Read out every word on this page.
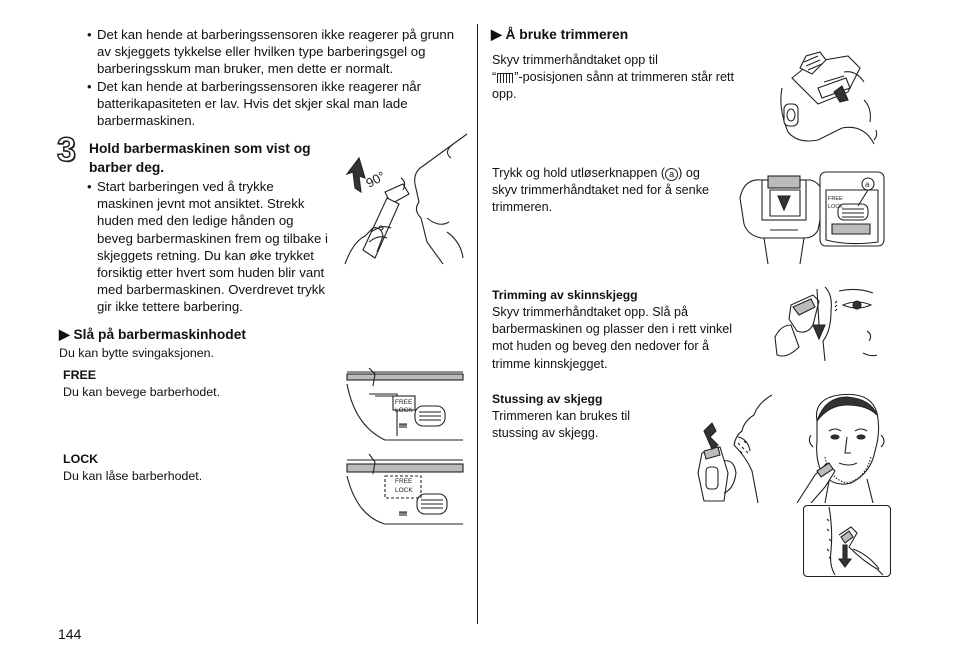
• Det kan hende at barberingssensoren ikke reagerer på grunn
av skjeggets tykkelse eller hvilken type barberingsgel og
barberingsskum man bruker, men dette er normalt.
• Det kan hende at barberingssensoren ikke reagerer når
batterikapasiteten er lav. Hvis det skjer skal man lade
barbermaskinen.
3 Hold barbermaskinen som vist og
barber deg.
• Start barberingen ved å trykke
maskinen jevnt mot ansiktet. Strekk
huden med den ledige hånden og
beveg barbermaskinen frem og tilbake i
skjeggets retning. Du kan øke trykket
forsiktig etter hvert som huden blir vant
med barbermaskinen. Overdrevet trykk
gir ikke tettere barbering.
▶ Slå på barbermaskinhodet
Du kan bytte svingaksjonen.
FREE
Du kan bevege barberhodet.
LOCK
Du kan låse barberhodet.
144
▶ Å bruke trimmeren
Skyv trimmerhåndtaket opp til
“ ”-posisjonen sånn at trimmeren står rett
opp.
Trykk og hold utløserknappen ( a ) og
skyv trimmerhåndtaket ned for å senke
trimmeren.
Trimming av skinnskjegg
Skyv trimmerhåndtaket opp. Slå på
barbermaskinen og plasser den i rett vinkel
mot huden og beveg den nedover for å
trimme kinnskjegget.
Stussing av skjegg
Trimmeren kan brukes til
stussing av skjegg.
90°
FREE
LOCK
FREE
LOCK
FREE
LOCK
a
